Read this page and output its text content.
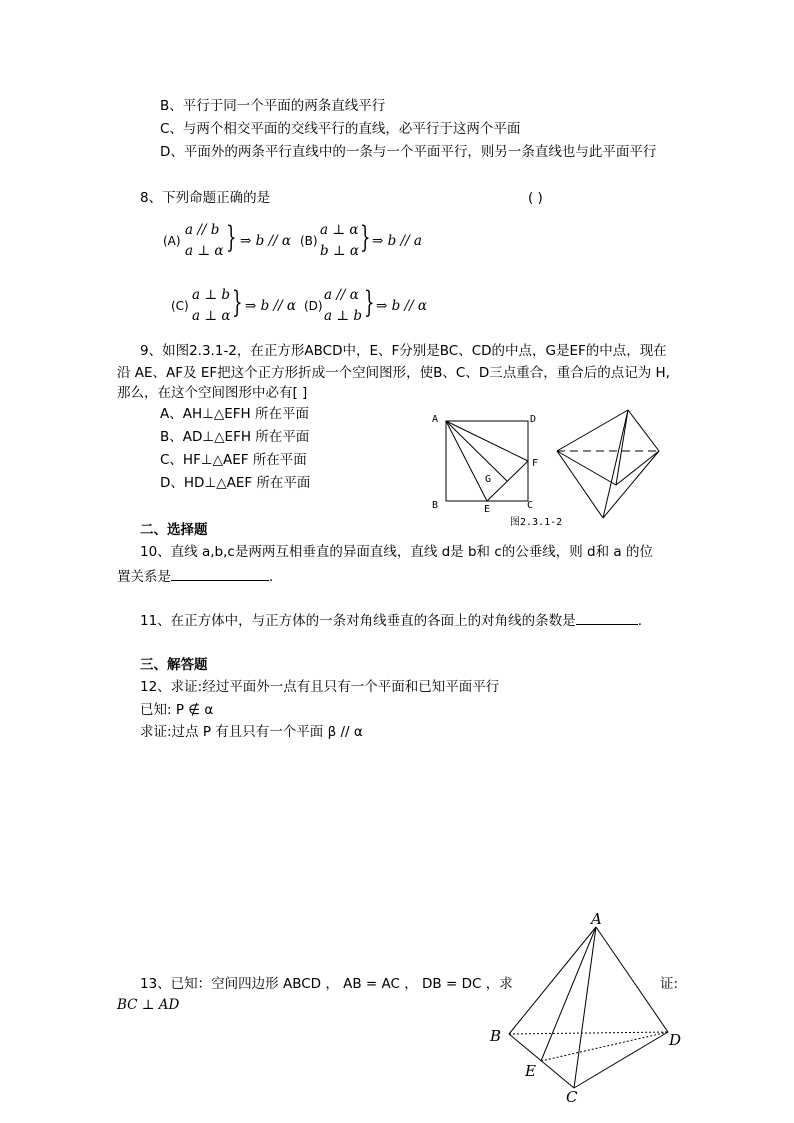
B、平行于同一个平面的两条直线平行
C、与两个相交平面的交线平行的直线，必平行于这两个平面
D、平面外的两条平行直线中的一条与一个平面平行，则另一条直线也与此平面平行
8、下列命题正确的是	( )
(A)
a // b
a ⊥ α } ⇒ b // α (B)
a ⊥ α
b ⊥ α } ⇒ b // a
(C)
a ⊥ b
a ⊥ α } ⇒ b // α (D)
a // α
a ⊥ b } ⇒ b // α
9、如图2.3.1-2，在正方形ABCD中，E、F分别是BC、CD的中点，G是EF的中点，现在
沿 AE、AF及 EF把这个正方形折成一个空间图形，使B、C、D三点重合，重合后的点记为 H,
那么，在这个空间图形中必有[ ]
A、AH⊥△EFH 所在平面
B、AD⊥△EFH 所在平面
C、HF⊥△AEF 所在平面
D、HD⊥△AEF 所在平面
A	D
B	C
F
E
G
图2.3.1-2
二、选择题
10、直线 a,b,c是两两互相垂直的异面直线，直线 d是 b和 c的公垂线，则 d和 a 的位
置关系是	.
11、在正方体中，与正方体的一条对角线垂直的各面上的对角线的条数是	.
三、解答题
12、求证:经过平面外一点有且只有一个平面和已知平面平行
已知: P ∉ α
求证:过点 P 有且只有一个平面 β // α
13、已知：空间四边形 ABCD ， AB = AC ， DB = DC ，求	证:
BC ⊥ AD
A
B	D
E
C
